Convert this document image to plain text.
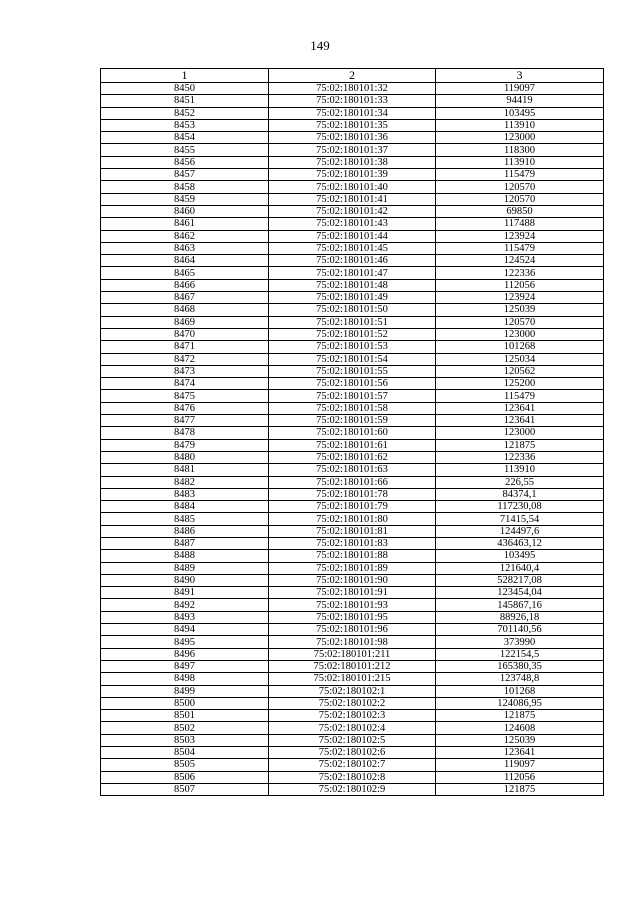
149
1	2	3
8450	75:02:180101:32	119097
8451	75:02:180101:33	94419
8452	75:02:180101:34	103495
8453	75:02:180101:35	113910
8454	75:02:180101:36	123000
8455	75:02:180101:37	118300
8456	75:02:180101:38	113910
8457	75:02:180101:39	115479
8458	75:02:180101:40	120570
8459	75:02:180101:41	120570
8460	75:02:180101:42	69850
8461	75:02:180101:43	117488
8462	75:02:180101:44	123924
8463	75:02:180101:45	115479
8464	75:02:180101:46	124524
8465	75:02:180101:47	122336
8466	75:02:180101:48	112056
8467	75:02:180101:49	123924
8468	75:02:180101:50	125039
8469	75:02:180101:51	120570
8470	75:02:180101:52	123000
8471	75:02:180101:53	101268
8472	75:02:180101:54	125034
8473	75:02:180101:55	120562
8474	75:02:180101:56	125200
8475	75:02:180101:57	115479
8476	75:02:180101:58	123641
8477	75:02:180101:59	123641
8478	75:02:180101:60	123000
8479	75:02:180101:61	121875
8480	75:02:180101:62	122336
8481	75:02:180101:63	113910
8482	75:02:180101:66	226,55
8483	75:02:180101:78	84374,1
8484	75:02:180101:79	117230,08
8485	75:02:180101:80	71415,54
8486	75:02:180101:81	124497,6
8487	75:02:180101:83	436463,12
8488	75:02:180101:88	103495
8489	75:02:180101:89	121640,4
8490	75:02:180101:90	528217,08
8491	75:02:180101:91	123454,04
8492	75:02:180101:93	145867,16
8493	75:02:180101:95	88926,18
8494	75:02:180101:96	701140,56
8495	75:02:180101:98	373990
8496	75:02:180101:211	122154,5
8497	75:02:180101:212	165380,35
8498	75:02:180101:215	123748,8
8499	75:02:180102:1	101268
8500	75:02:180102:2	124086,95
8501	75:02:180102:3	121875
8502	75:02:180102:4	124608
8503	75:02:180102:5	125039
8504	75:02:180102:6	123641
8505	75:02:180102:7	119097
8506	75:02:180102:8	112056
8507	75:02:180102:9	121875
